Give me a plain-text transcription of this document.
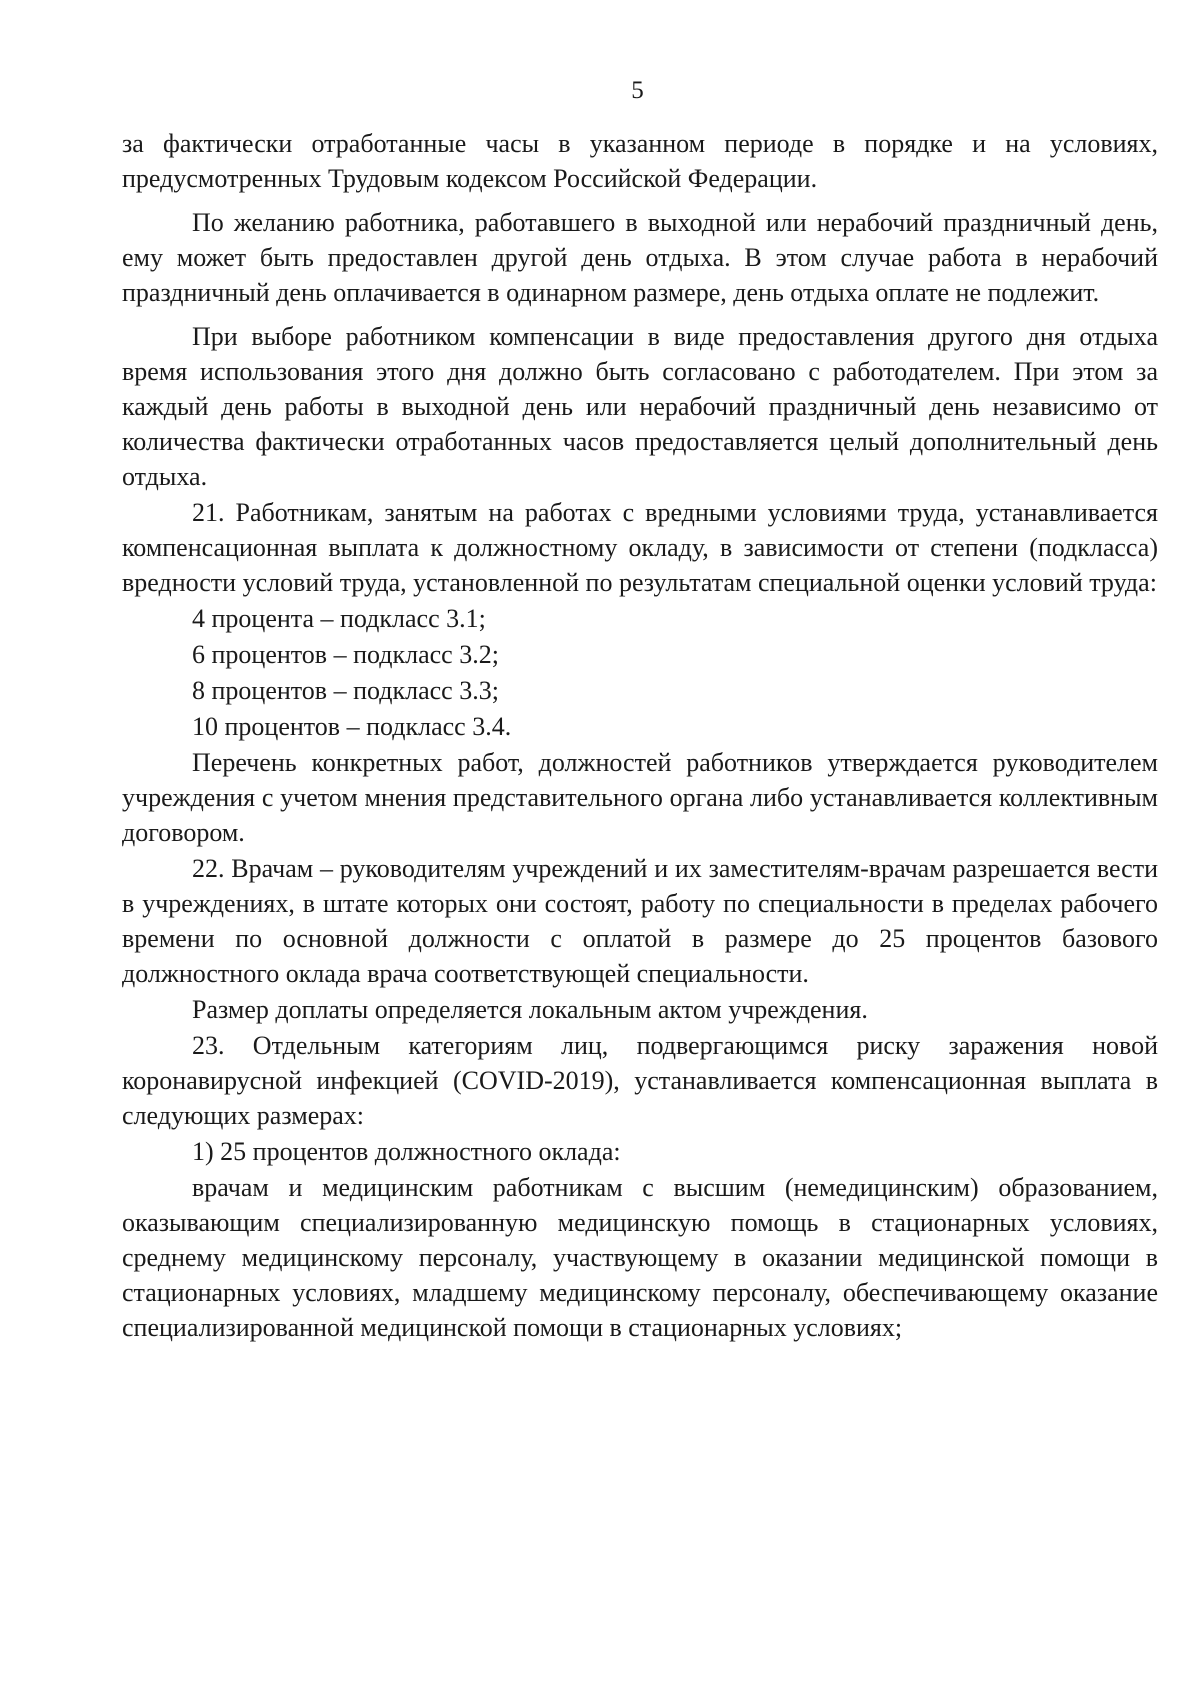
5

за фактически отработанные часы в указанном периоде в порядке и на условиях, предусмотренных Трудовым кодексом Российской Федерации.

По желанию работника, работавшего в выходной или нерабочий праздничный день, ему может быть предоставлен другой день отдыха. В этом случае работа в нерабочий праздничный день оплачивается в одинарном размере, день отдыха оплате не подлежит.

При выборе работником компенсации в виде предоставления другого дня отдыха время использования этого дня должно быть согласовано с работодателем. При этом за каждый день работы в выходной день или нерабочий праздничный день независимо от количества фактически отработанных часов предоставляется целый дополнительный день отдыха.

21. Работникам, занятым на работах с вредными условиями труда, устанавливается компенсационная выплата к должностному окладу, в зависимости от степени (подкласса) вредности условий труда, установленной по результатам специальной оценки условий труда:

4 процента – подкласс 3.1;

6 процентов – подкласс 3.2;

8 процентов – подкласс 3.3;

10 процентов – подкласс 3.4.

Перечень конкретных работ, должностей работников утверждается руководителем учреждения с учетом мнения представительного органа либо устанавливается коллективным договором.

22. Врачам – руководителям учреждений и их заместителям-врачам разрешается вести в учреждениях, в штате которых они состоят, работу по специальности в пределах рабочего времени по основной должности с оплатой в размере до 25 процентов базового должностного оклада врача соответствующей специальности.

Размер доплаты определяется локальным актом учреждения.

23. Отдельным категориям лиц, подвергающимся риску заражения новой коронавирусной инфекцией (COVID-2019), устанавливается компенсационная выплата в следующих размерах:

1) 25 процентов должностного оклада:

врачам и медицинским работникам с высшим (немедицинским) образованием, оказывающим специализированную медицинскую помощь в стационарных условиях, среднему медицинскому персоналу, участвующему в оказании медицинской помощи в стационарных условиях, младшему медицинскому персоналу, обеспечивающему оказание специализированной медицинской помощи в стационарных условиях;
